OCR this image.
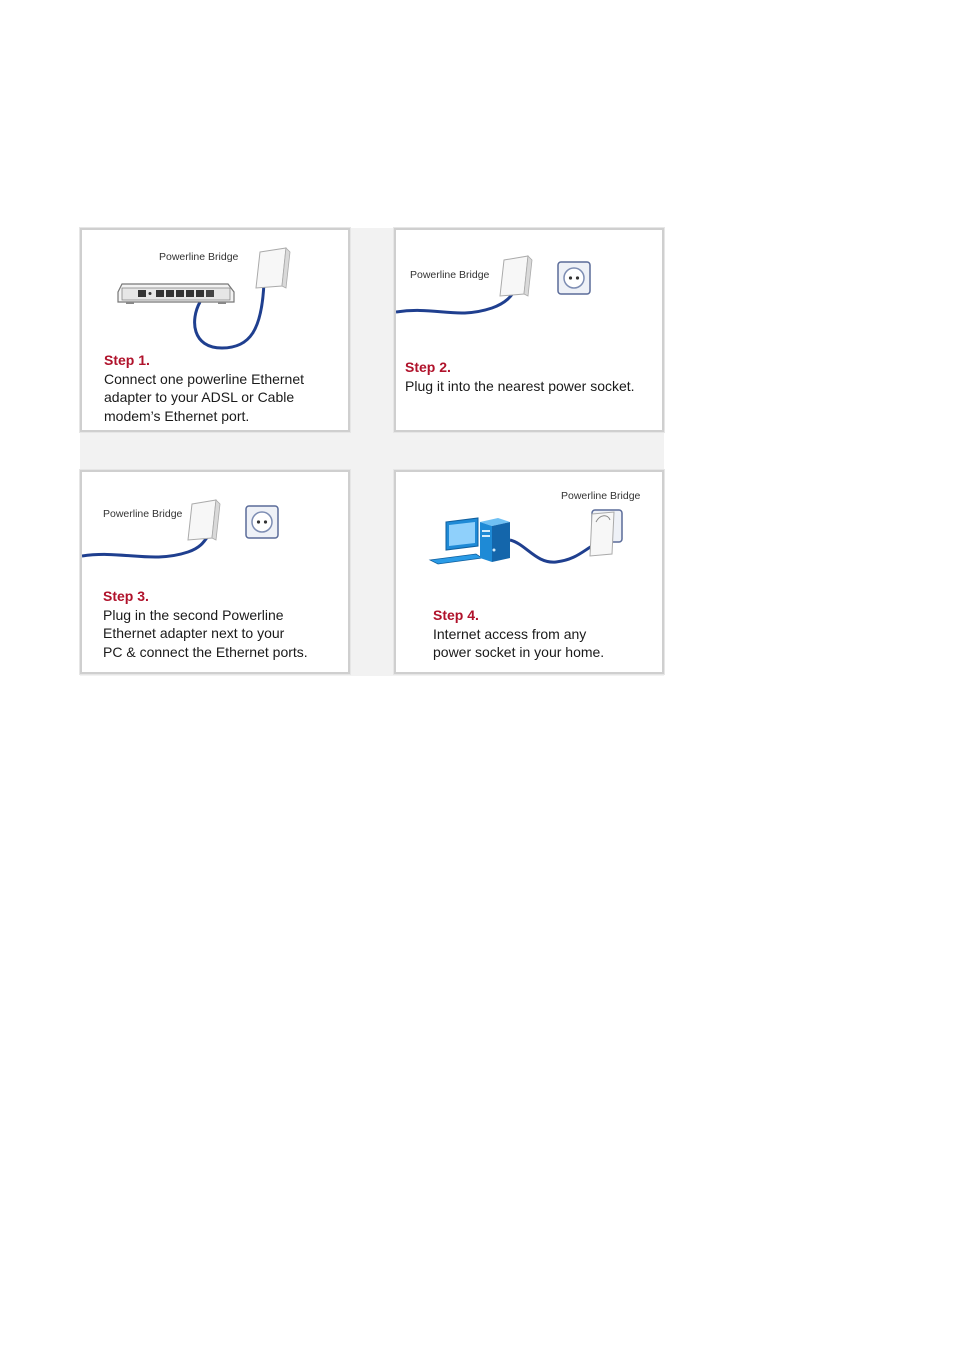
Powerline Bridge
Step 1.
Connect one powerline Ethernet
adapter to your ADSL or Cable
modem’s Ethernet port.
Powerline Bridge
Step 2.
Plug it into the nearest power socket.
Powerline Bridge
Step 3.
Plug in the second Powerline
Ethernet adapter next to your
PC & connect the Ethernet ports.
Powerline Bridge
Step 4.
Internet access from any
power socket in your home.
